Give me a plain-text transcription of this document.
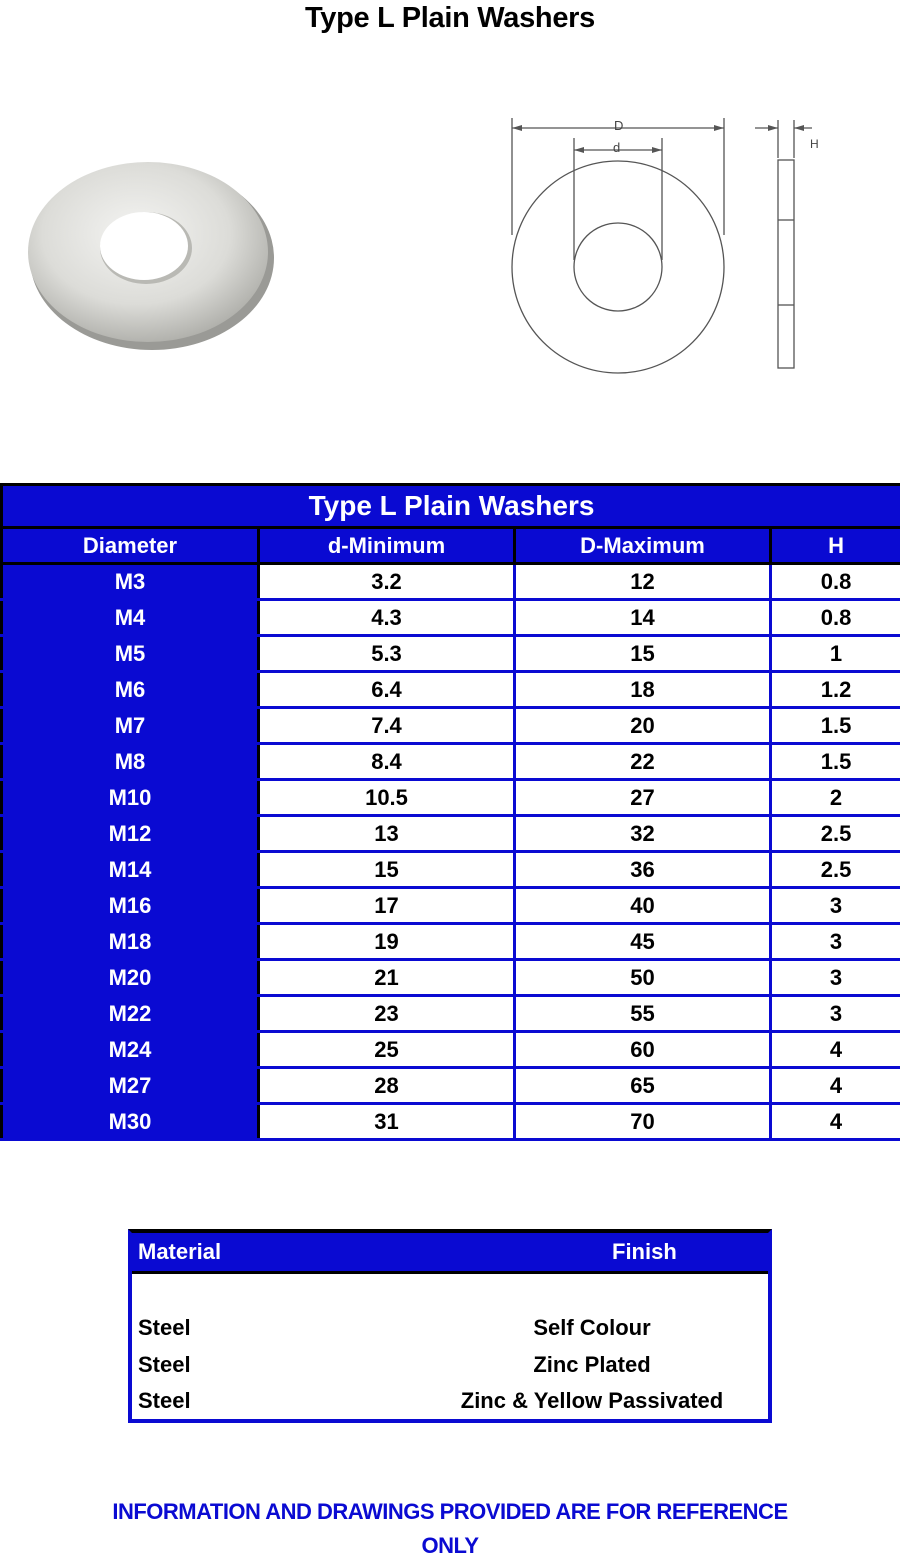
Type L Plain Washers
D
d	H
Type L Plain Washers			
Diameter	d-Minimum	D-Maximum	H
M3	3.2	12	0.8
M4	4.3	14	0.8
M5	5.3	15	1
M6	6.4	18	1.2
M7	7.4	20	1.5
M8	8.4	22	1.5
M10	10.5	27	2
M12	13	32	2.5
M14	15	36	2.5
M16	17	40	3
M18	19	45	3
M20	21	50	3
M22	23	55	3
M24	25	60	4
M27	28	65	4
M30	31	70	4
Material	Finish
Steel	Self Colour
Steel	Zinc Plated
Steel	Zinc & Yellow Passivated
INFORMATION AND DRAWINGS PROVIDED ARE FOR REFERENCE ONLY
